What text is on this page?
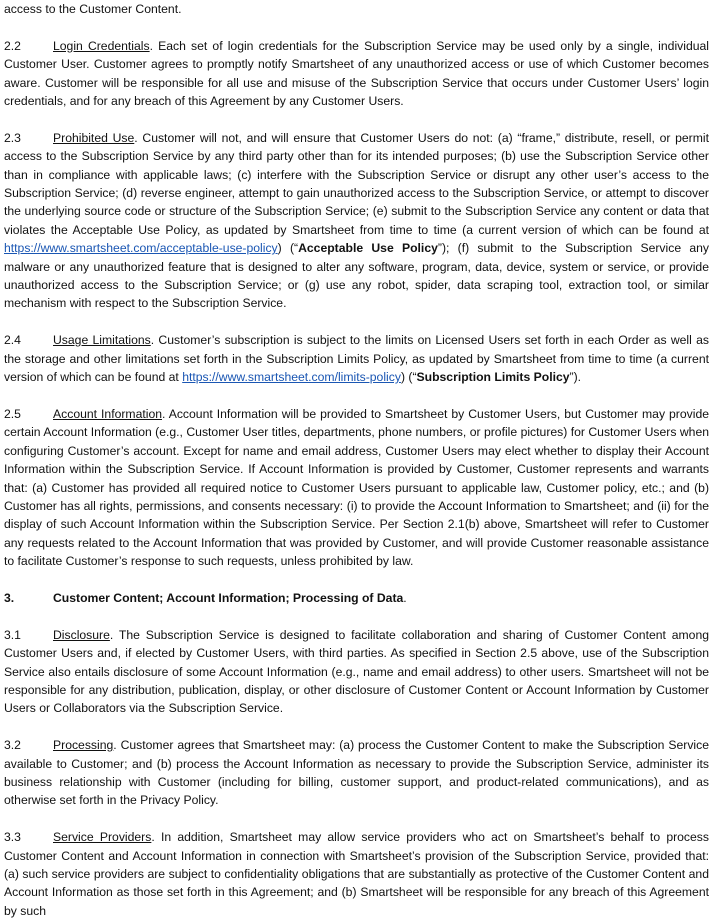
access to the Customer Content.

2.2	Login Credentials. Each set of login credentials for the Subscription Service may be used only by a single, individual Customer User. Customer agrees to promptly notify Smartsheet of any unauthorized access or use of which Customer becomes aware. Customer will be responsible for all use and misuse of the Subscription Service that occurs under Customer Users’ login credentials, and for any breach of this Agreement by any Customer Users.

2.3	Prohibited Use. Customer will not, and will ensure that Customer Users do not: (a) “frame,” distribute, resell, or permit access to the Subscription Service by any third party other than for its intended purposes; (b) use the Subscription Service other than in compliance with applicable laws; (c) interfere with the Subscription Service or disrupt any other user’s access to the Subscription Service; (d) reverse engineer, attempt to gain unauthorized access to the Subscription Service, or attempt to discover the underlying source code or structure of the Subscription Service; (e) submit to the Subscription Service any content or data that violates the Acceptable Use Policy, as updated by Smartsheet from time to time (a current version of which can be found at https://www.smartsheet.com/acceptable-use-policy) (“Acceptable Use Policy”); (f) submit to the Subscription Service any malware or any unauthorized feature that is designed to alter any software, program, data, device, system or service, or provide unauthorized access to the Subscription Service; or (g) use any robot, spider, data scraping tool, extraction tool, or similar mechanism with respect to the Subscription Service.

2.4	Usage Limitations. Customer’s subscription is subject to the limits on Licensed Users set forth in each Order as well as the storage and other limitations set forth in the Subscription Limits Policy, as updated by Smartsheet from time to time (a current version of which can be found at https://www.smartsheet.com/limits-policy) (“Subscription Limits Policy”).

2.5	Account Information. Account Information will be provided to Smartsheet by Customer Users, but Customer may provide certain Account Information (e.g., Customer User titles, departments, phone numbers, or profile pictures) for Customer Users when configuring Customer’s account. Except for name and email address, Customer Users may elect whether to display their Account Information within the Subscription Service. If Account Information is provided by Customer, Customer represents and warrants that: (a) Customer has provided all required notice to Customer Users pursuant to applicable law, Customer policy, etc.; and (b) Customer has all rights, permissions, and consents necessary: (i) to provide the Account Information to Smartsheet; and (ii) for the display of such Account Information within the Subscription Service. Per Section 2.1(b) above, Smartsheet will refer to Customer any requests related to the Account Information that was provided by Customer, and will provide Customer reasonable assistance to facilitate Customer’s response to such requests, unless prohibited by law.

3.	Customer Content; Account Information; Processing of Data.

3.1	Disclosure. The Subscription Service is designed to facilitate collaboration and sharing of Customer Content among Customer Users and, if elected by Customer Users, with third parties. As specified in Section 2.5 above, use of the Subscription Service also entails disclosure of some Account Information (e.g., name and email address) to other users. Smartsheet will not be responsible for any distribution, publication, display, or other disclosure of Customer Content or Account Information by Customer Users or Collaborators via the Subscription Service.

3.2	Processing. Customer agrees that Smartsheet may: (a) process the Customer Content to make the Subscription Service available to Customer; and (b) process the Account Information as necessary to provide the Subscription Service, administer its business relationship with Customer (including for billing, customer support, and product-related communications), and as otherwise set forth in the Privacy Policy.

3.3	Service Providers. In addition, Smartsheet may allow service providers who act on Smartsheet’s behalf to process Customer Content and Account Information in connection with Smartsheet’s provision of the Subscription Service, provided that: (a) such service providers are subject to confidentiality obligations that are substantially as protective of the Customer Content and Account Information as those set forth in this Agreement; and (b) Smartsheet will be responsible for any breach of this Agreement by such
